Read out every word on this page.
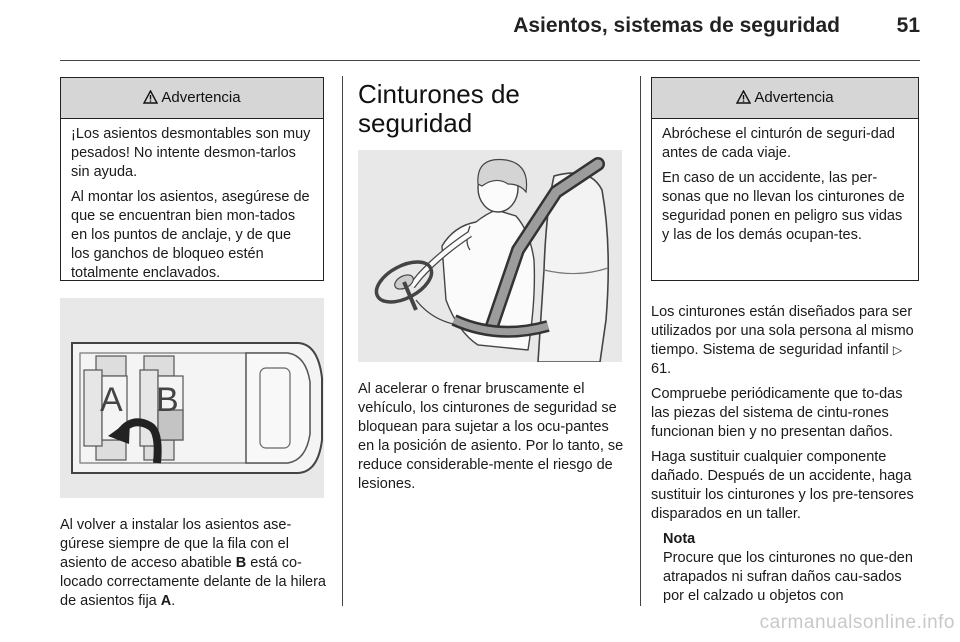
Asientos, sistemas de seguridad	51
Advertencia

¡Los asientos desmontables son muy pesados! No intente desmon-tarlos sin ayuda.

Al montar los asientos, asegúrese de que se encuentran bien mon-tados en los puntos de anclaje, y de que los ganchos de bloqueo estén totalmente enclavados.

A B
Al volver a instalar los asientos ase-gúrese siempre de que la fila con el asiento de acceso abatible B está co-locado correctamente delante de la hilera de asientos fija A.
Cinturones de seguridad
Al acelerar o frenar bruscamente el vehículo, los cinturones de seguridad se bloquean para sujetar a los ocu-pantes en la posición de asiento. Por lo tanto, se reduce considerable-mente el riesgo de lesiones.
Advertencia

Abróchese el cinturón de seguri-dad antes de cada viaje.

En caso de un accidente, las per-sonas que no llevan los cinturones de seguridad ponen en peligro sus vidas y las de los demás ocupan-tes.

Los cinturones están diseñados para ser utilizados por una sola persona al mismo tiempo. Sistema de seguridad infantil ▷ 61.

Compruebe periódicamente que to-das las piezas del sistema de cintu-rones funcionan bien y no presentan daños.

Haga sustituir cualquier componente dañado. Después de un accidente, haga sustituir los cinturones y los pre-tensores disparados en un taller.

Nota
Procure que los cinturones no que-den atrapados ni sufran daños cau-sados por el calzado u objetos con
carmanualsonline.info
